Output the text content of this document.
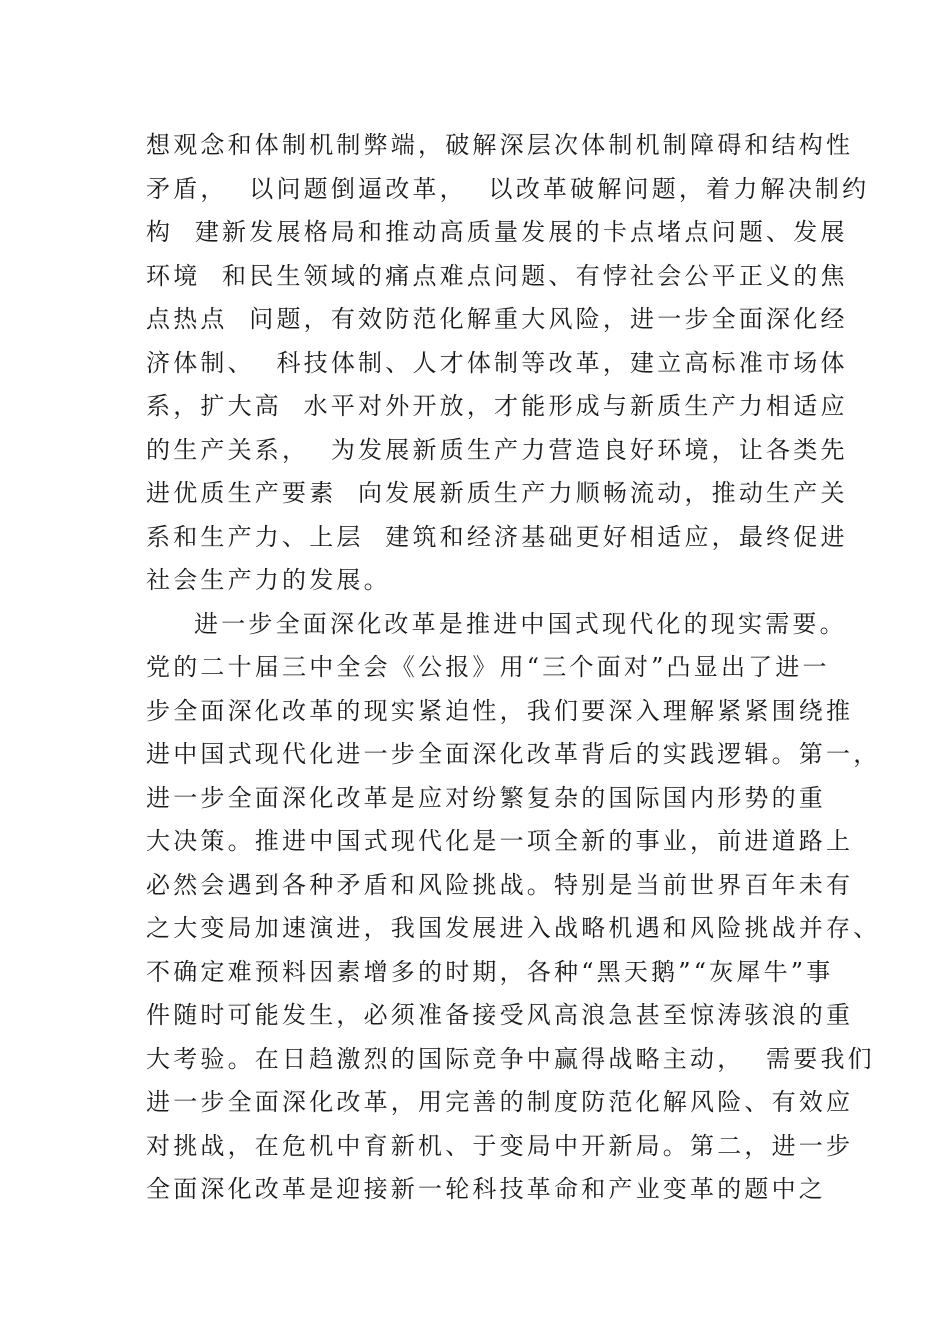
想观念和体制机制弊端，破解深层次体制机制障碍和结构性
矛盾，  以问题倒逼改革，  以改革破解问题，着力解决制约
构  建新发展格局和推动高质量发展的卡点堵点问题、发展
环境  和民生领域的痛点难点问题、有悖社会公平正义的焦
点热点  问题，有效防范化解重大风险，进一步全面深化经
济体制、  科技体制、人才体制等改革，建立高标准市场体
系，扩大高  水平对外开放，才能形成与新质生产力相适应
的生产关系，  为发展新质生产力营造良好环境，让各类先
进优质生产要素  向发展新质生产力顺畅流动，推动生产关
系和生产力、上层  建筑和经济基础更好相适应，最终促进
社会生产力的发展。
进一步全面深化改革是推进中国式现代化的现实需要。
党的二十届三中全会《公报》用“三个面对”凸显出了进一
步全面深化改革的现实紧迫性，我们要深入理解紧紧围绕推
进中国式现代化进一步全面深化改革背后的实践逻辑。第一，
进一步全面深化改革是应对纷繁复杂的国际国内形势的重
大决策。推进中国式现代化是一项全新的事业，前进道路上
必然会遇到各种矛盾和风险挑战。特别是当前世界百年未有
之大变局加速演进，我国发展进入战略机遇和风险挑战并存、
不确定难预料因素增多的时期，各种“黑天鹅”“灰犀牛”事
件随时可能发生，必须准备接受风高浪急甚至惊涛骇浪的重
大考验。在日趋激烈的国际竞争中赢得战略主动，  需要我们
进一步全面深化改革，用完善的制度防范化解风险、有效应
对挑战，在危机中育新机、于变局中开新局。第二，进一步
全面深化改革是迎接新一轮科技革命和产业变革的题中之
